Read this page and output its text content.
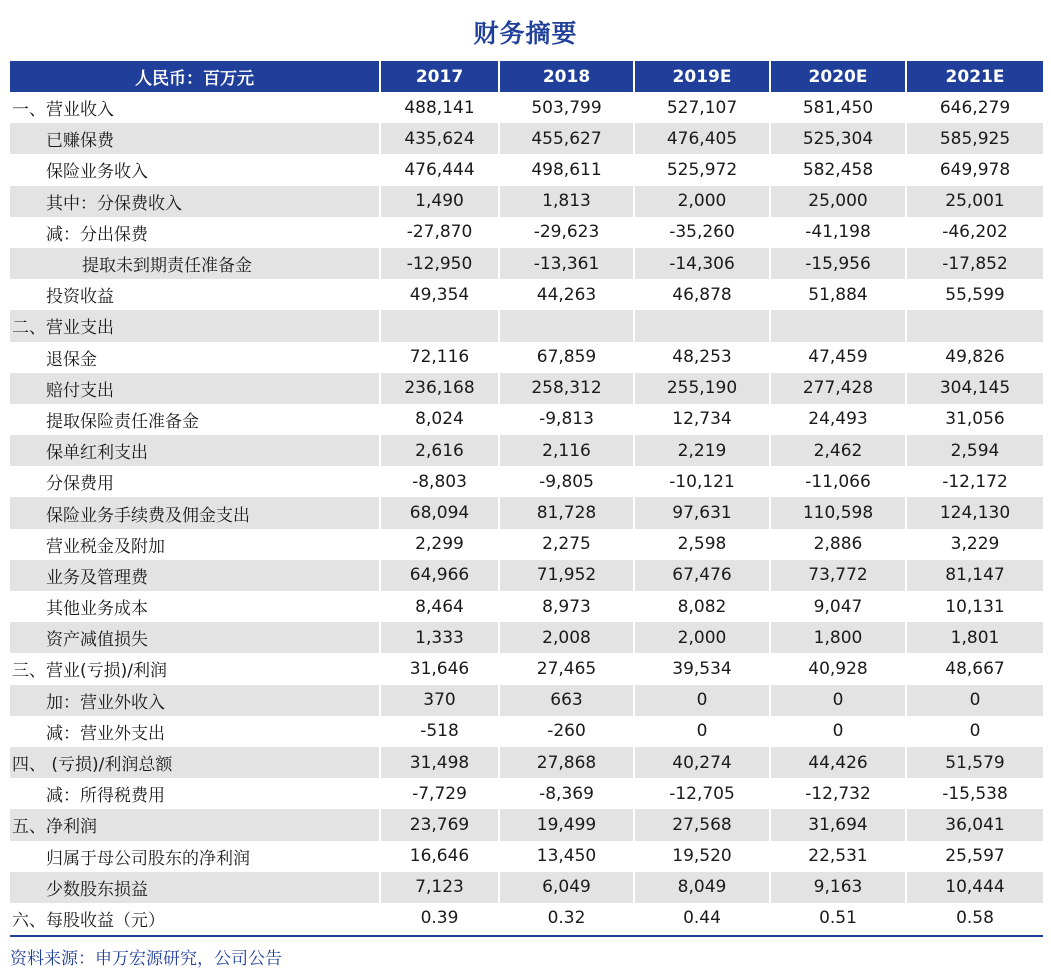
财务摘要
人民币：百万元	2017	2018	2019E	2020E	2021E
一、营业收入	488,141	503,799	527,107	581,450	646,279
已赚保费	435,624	455,627	476,405	525,304	585,925
保险业务收入	476,444	498,611	525,972	582,458	649,978
其中：分保费收入	1,490	1,813	2,000	25,000	25,001
减：分出保费	-27,870	-29,623	-35,260	-41,198	-46,202
提取未到期责任准备金	-12,950	-13,361	-14,306	-15,956	-17,852
投资收益	49,354	44,263	46,878	51,884	55,599
二、营业支出					
退保金	72,116	67,859	48,253	47,459	49,826
赔付支出	236,168	258,312	255,190	277,428	304,145
提取保险责任准备金	8,024	-9,813	12,734	24,493	31,056
保单红利支出	2,616	2,116	2,219	2,462	2,594
分保费用	-8,803	-9,805	-10,121	-11,066	-12,172
保险业务手续费及佣金支出	68,094	81,728	97,631	110,598	124,130
营业税金及附加	2,299	2,275	2,598	2,886	3,229
业务及管理费	64,966	71,952	67,476	73,772	81,147
其他业务成本	8,464	8,973	8,082	9,047	10,131
资产减值损失	1,333	2,008	2,000	1,800	1,801
三、营业(亏损)/利润	31,646	27,465	39,534	40,928	48,667
加：营业外收入	370	663	0	0	0
减：营业外支出	-518	-260	0	0	0
四、 (亏损)/利润总额	31,498	27,868	40,274	44,426	51,579
减：所得税费用	-7,729	-8,369	-12,705	-12,732	-15,538
五、净利润	23,769	19,499	27,568	31,694	36,041
归属于母公司股东的净利润	16,646	13,450	19,520	22,531	25,597
少数股东损益	7,123	6,049	8,049	9,163	10,444
六、每股收益（元）	0.39	0.32	0.44	0.51	0.58
资料来源：申万宏源研究，公司公告
